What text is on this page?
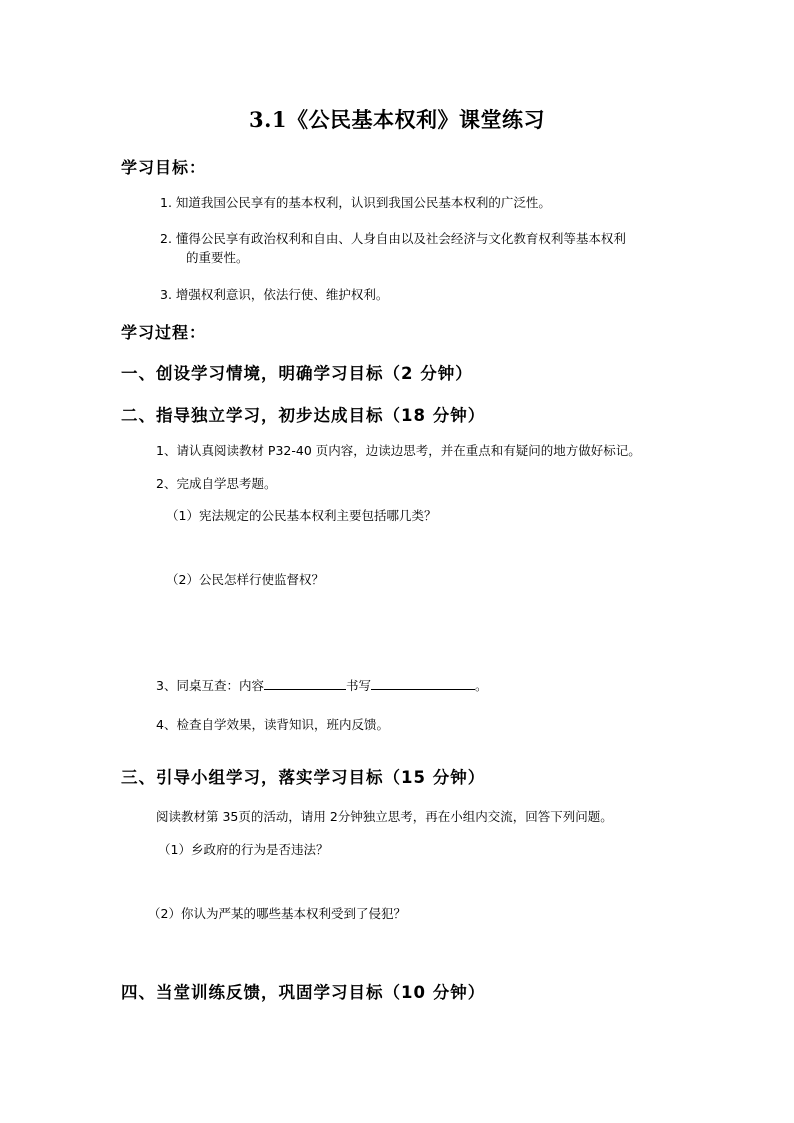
3.1《公民基本权利》课堂练习
学习目标：
1. 知道我国公民享有的基本权利，认识到我国公民基本权利的广泛性。
2. 懂得公民享有政治权利和自由、人身自由以及社会经济与文化教育权利等基本权利
的重要性。
3. 增强权利意识，依法行使、维护权利。
学习过程：
一、创设学习情境，明确学习目标（2 分钟）
二、指导独立学习，初步达成目标（18 分钟）
1、请认真阅读教材 P32-40 页内容，边读边思考，并在重点和有疑问的地方做好标记。
2、完成自学思考题。
（1）宪法规定的公民基本权利主要包括哪几类？
（2）公民怎样行使监督权？
3、同桌互查：内容	书写	。
4、检查自学效果，读背知识，班内反馈。
三、引导小组学习，落实学习目标（15 分钟）
阅读教材第 35页的活动，请用 2分钟独立思考，再在小组内交流，回答下列问题。
（1）乡政府的行为是否违法？
（2）你认为严某的哪些基本权利受到了侵犯？
四、当堂训练反馈，巩固学习目标（10 分钟）
